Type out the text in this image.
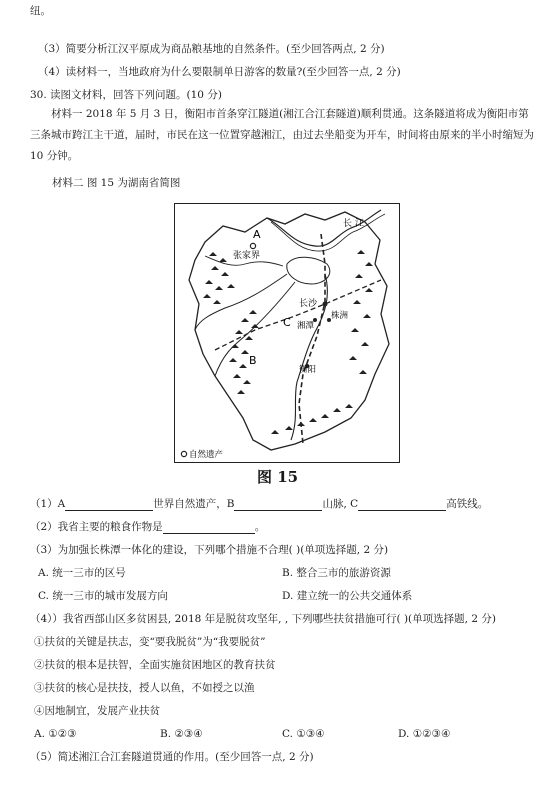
纽。
（3）简要分析江汉平原成为商品粮基地的自然条件。(至少回答两点, 2 分)
（4）读材料一，当地政府为什么要限制单日游客的数量?(至少回答一点, 2 分)
30. 读图文材料，回答下列问题。(10 分)
材料一 2018 年 5 月 3 日，衡阳市首条穿江隧道(湘江合江套隧道)顺利贯通。这条隧道将成为衡阳市第三条城市跨江主干道，届时，市民在这一位置穿越湘江，由过去坐船变为开车，时间将由原来的半小时缩短为 10 分钟。
材料二 图 15 为湖南省简图
A
张家界
长 江
长沙
C 湘潭
株洲
B
衡阳
自然遗产
图 15
（1）A	世界自然遗产，B	山脉, C	高铁线。
（2）我省主要的粮食作物是	。
（3）为加强长株潭一体化的建设，下列哪个措施不合理( )(单项选择题, 2 分)
A. 统一三市的区号	B. 整合三市的旅游资源
C. 统一三市的城市发展方向	D. 建立统一的公共交通体系
（4））我省西部山区多贫困县, 2018 年是脱贫攻坚年, , 下列哪些扶贫措施可行( )(单项选择题, 2 分)
①扶贫的关键是扶志，变“要我脱贫”为“我要脱贫”
②扶贫的根本是扶智，全面实施贫困地区的教育扶贫
③扶贫的核心是扶技，授人以鱼，不如授之以渔
④因地制宜，发展产业扶贫
A. ①②③	B. ②③④	C. ①③④	D. ①②③④
（5）简述湘江合江套隧道贯通的作用。(至少回答一点, 2 分)
